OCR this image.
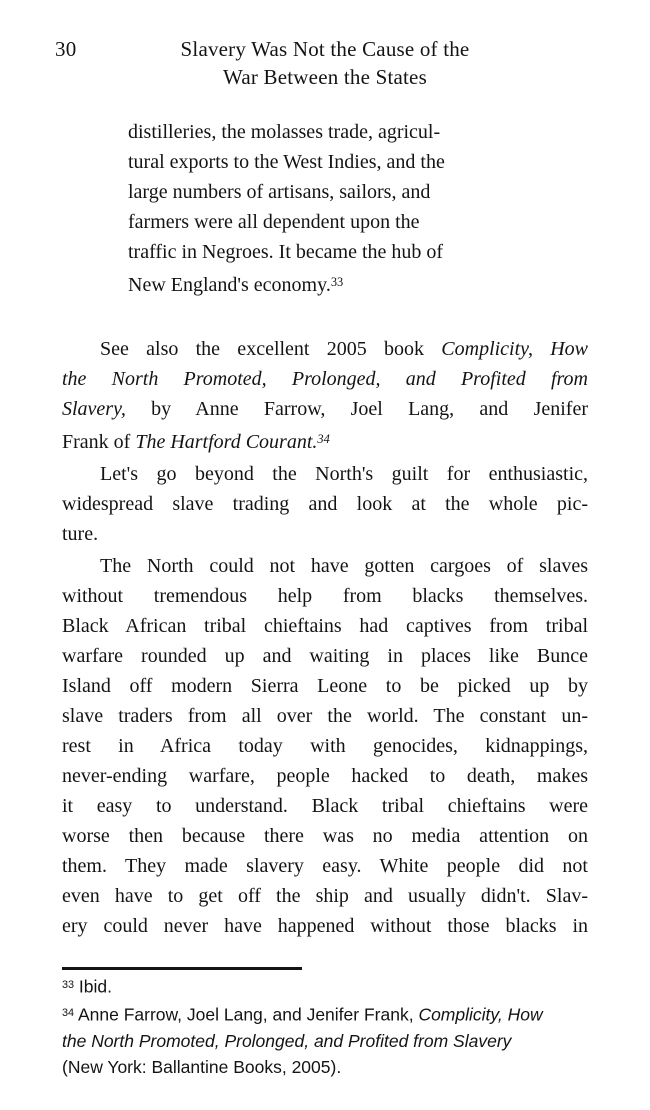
30	Slavery Was Not the Cause of the
War Between the States
distilleries, the molasses trade, agricul-
tural exports to the West Indies, and the
large numbers of artisans, sailors, and
farmers were all dependent upon the
traffic in Negroes. It became the hub of
New England's economy.$^{33}$
See also the excellent 2005 book Complicity, How
the North Promoted, Prolonged, and Profited from
Slavery, by Anne Farrow, Joel Lang, and Jenifer
Frank of The Hartford Courant.$^{34}$
Let's go beyond the North's guilt for enthusiastic,
widespread slave trading and look at the whole pic-
ture.
The North could not have gotten cargoes of slaves
without tremendous help from blacks themselves.
Black African tribal chieftains had captives from tribal
warfare rounded up and waiting in places like Bunce
Island off modern Sierra Leone to be picked up by
slave traders from all over the world. The constant un-
rest in Africa today with genocides, kidnappings,
never-ending warfare, people hacked to death, makes
it easy to understand. Black tribal chieftains were
worse then because there was no media attention on
them. They made slavery easy. White people did not
even have to get off the ship and usually didn't. Slav-
ery could never have happened without those blacks in
$^{33}$ Ibid.
$^{34}$ Anne Farrow, Joel Lang, and Jenifer Frank, Complicity, How
the North Promoted, Prolonged, and Profited from Slavery
(New York: Ballantine Books, 2005).
